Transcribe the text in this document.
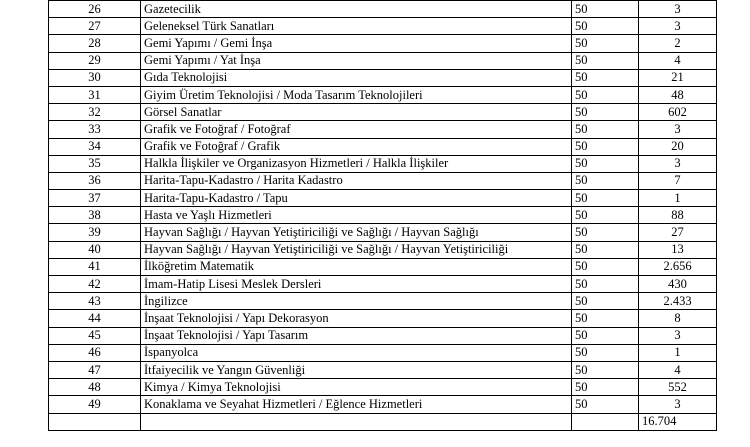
26	Gazetecilik	50	3
27	Geleneksel Türk Sanatları	50	3
28	Gemi Yapımı / Gemi İnşa	50	2
29	Gemi Yapımı / Yat İnşa	50	4
30	Gıda Teknolojisi	50	21
31	Giyim Üretim Teknolojisi / Moda Tasarım Teknolojileri	50	48
32	Görsel Sanatlar	50	602
33	Grafik ve Fotoğraf / Fotoğraf	50	3
34	Grafik ve Fotoğraf / Grafik	50	20
35	Halkla İlişkiler ve Organizasyon Hizmetleri / Halkla İlişkiler	50	3
36	Harita-Tapu-Kadastro / Harita Kadastro	50	7
37	Harita-Tapu-Kadastro / Tapu	50	1
38	Hasta ve Yaşlı Hizmetleri	50	88
39	Hayvan Sağlığı / Hayvan Yetiştiriciliği ve Sağlığı / Hayvan Sağlığı	50	27
40	Hayvan Sağlığı / Hayvan Yetiştiriciliği ve Sağlığı / Hayvan Yetiştiriciliği	50	13
41	İlköğretim Matematik	50	2.656
42	İmam-Hatip Lisesi Meslek Dersleri	50	430
43	İngilizce	50	2.433
44	İnşaat Teknolojisi / Yapı Dekorasyon	50	8
45	İnşaat Teknolojisi / Yapı Tasarım	50	3
46	İspanyolca	50	1
47	İtfaiyecilik ve Yangın Güvenliği	50	4
48	Kimya / Kimya Teknolojisi	50	552
49	Konaklama ve Seyahat Hizmetleri / Eğlence Hizmetleri	50	3
			16.704
